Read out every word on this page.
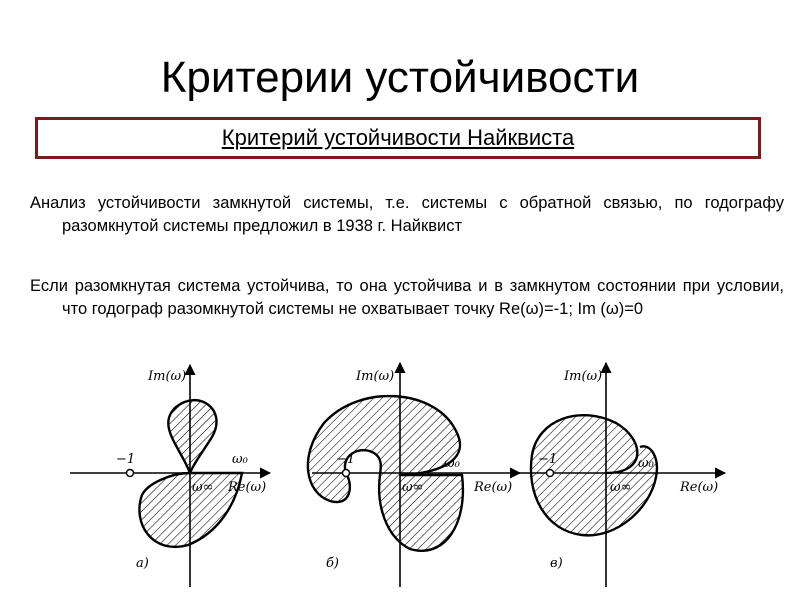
Критерии устойчивости
Критерий устойчивости Найквиста
Анализ устойчивости замкнутой системы, т.е. системы с обратной связью, по годографу разомкнутой системы предложил в 1938 г. Найквист
Если разомкнутая система устойчива, то она устойчива и в замкнутом состоянии при условии, что годограф разомкнутой системы не охватывает точку Re(ω)=-1; Im (ω)=0
Im(ω)
Re(ω)
−1	ω₀
ω∞
а)
Im(ω)
Re(ω)
−1	ω₀
ω∞
б)
Im(ω)
Re(ω)
−1	ω₀
ω∞
в)
